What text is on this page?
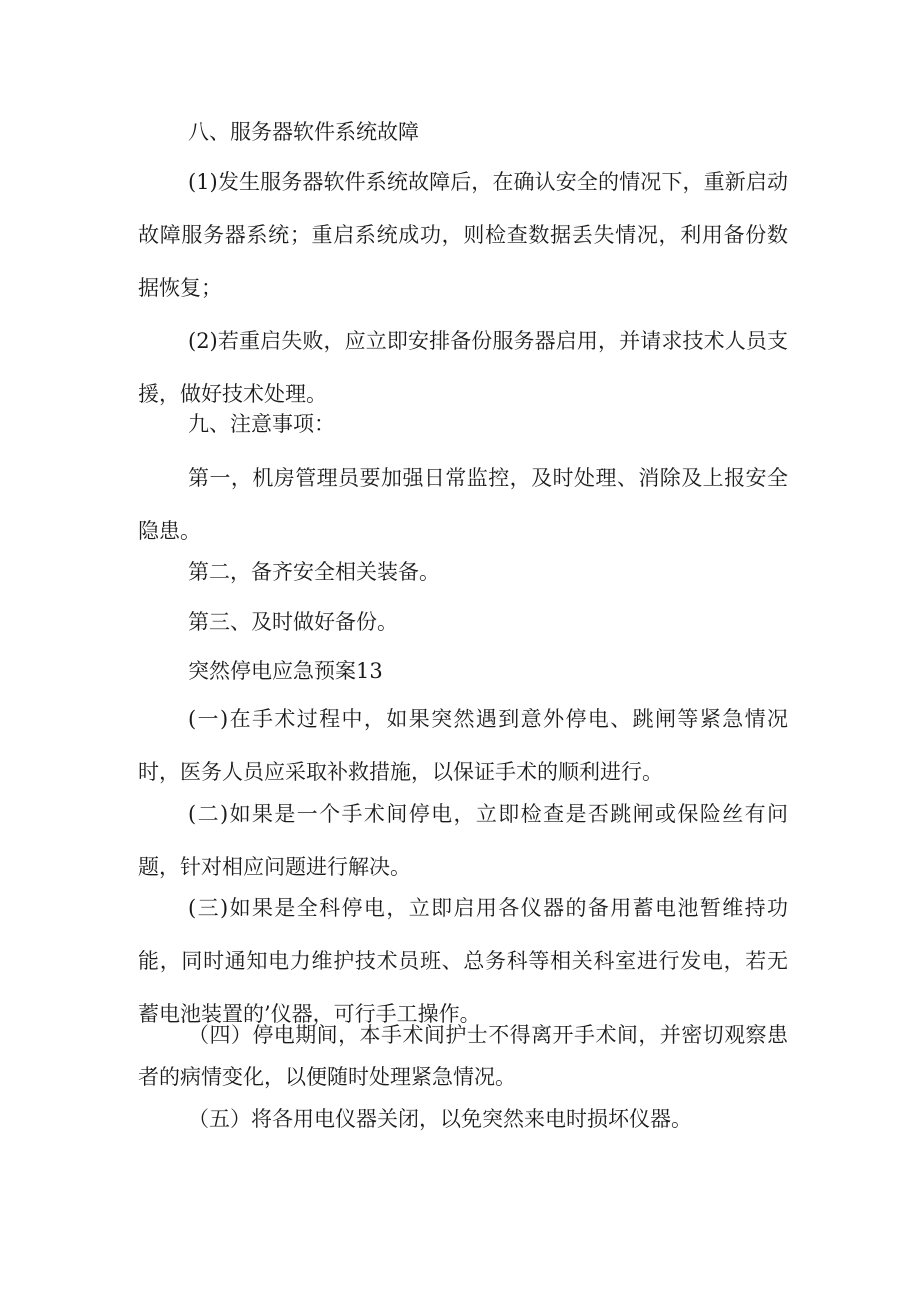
八、服务器软件系统故障

(1)发生服务器软件系统故障后，在确认安全的情况下，重新启动故障服务器系统；重启系统成功，则检查数据丢失情况，利用备份数据恢复；

(2)若重启失败，应立即安排备份服务器启用，并请求技术人员支援，做好技术处理。

九、注意事项：

第一，机房管理员要加强日常监控，及时处理、消除及上报安全隐患。

第二，备齐安全相关装备。

第三、及时做好备份。

突然停电应急预案13

(一)在手术过程中，如果突然遇到意外停电、跳闸等紧急情况时，医务人员应采取补救措施，以保证手术的顺利进行。

(二)如果是一个手术间停电，立即检查是否跳闸或保险丝有问题，针对相应问题进行解决。

(三)如果是全科停电，立即启用各仪器的备用蓄电池暂维持功能，同时通知电力维护技术员班、总务科等相关科室进行发电，若无蓄电池装置的’仪器，可行手工操作。

（四）停电期间，本手术间护士不得离开手术间，并密切观察患者的病情变化，以便随时处理紧急情况。

（五）将各用电仪器关闭，以免突然来电时损坏仪器。
